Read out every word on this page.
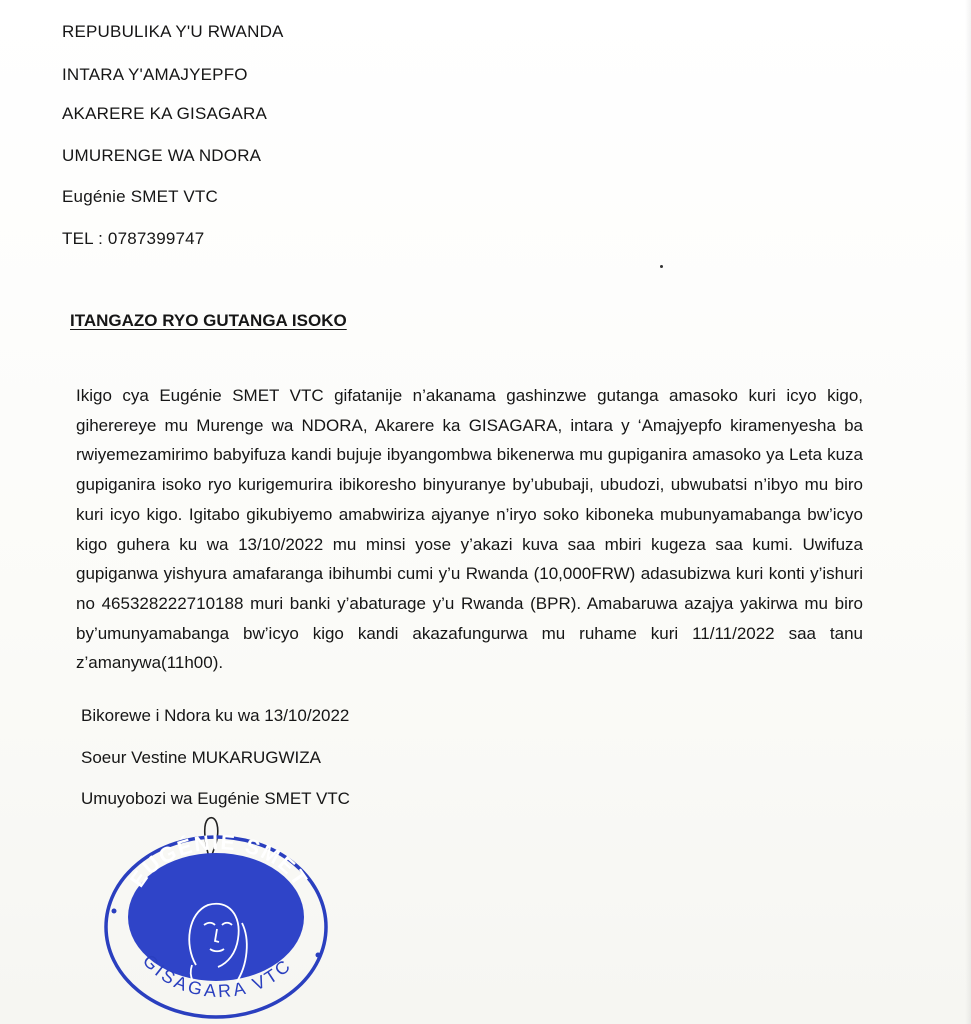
REPUBULIKA Y'U RWANDA
INTARA Y'AMAJYEPFO
AKARERE KA GISAGARA
UMURENGE WA NDORA
Eugénie SMET VTC
TEL : 0787399747
ITANGAZO RYO GUTANGA ISOKO

Ikigo cya Eugénie SMET VTC gifatanije n’akanama gashinzwe gutanga amasoko kuri icyo kigo, giherereye mu Murenge wa NDORA, Akarere ka GISAGARA, intara y ‘Amajyepfo kiramenyesha ba rwiyemezamirimo babyifuza kandi bujuje ibyangombwa bikenerwa mu gupiganira amasoko ya Leta kuza gupiganira isoko ryo kurigemurira ibikoresho binyuranye by’ububaji, ubudozi, ubwubatsi n’ibyo mu biro kuri icyo kigo. Igitabo gikubiyemo amabwiriza ajyanye n’iryo soko kiboneka mubunyamabanga bw’icyo kigo guhera ku wa 13/10/2022 mu minsi yose y’akazi kuva saa mbiri kugeza saa kumi. Uwifuza gupiganwa yishyura amafaranga ibihumbi cumi y’u Rwanda (10,000FRW) adasubizwa kuri konti y’ishuri no 465328222710188 muri banki y’abaturage y’u Rwanda (BPR). Amabaruwa azajya yakirwa mu biro by’umunyamabanga bw’icyo kigo kandi akazafungurwa mu ruhame kuri 11/11/2022 saa tanu z’amanywa(11h00).

Bikorewe i Ndora ku wa 13/10/2022
Soeur Vestine MUKARUGWIZA
Umuyobozi wa Eugénie SMET VTC
EUGÉNIE SMET
GISAGARA VTC
